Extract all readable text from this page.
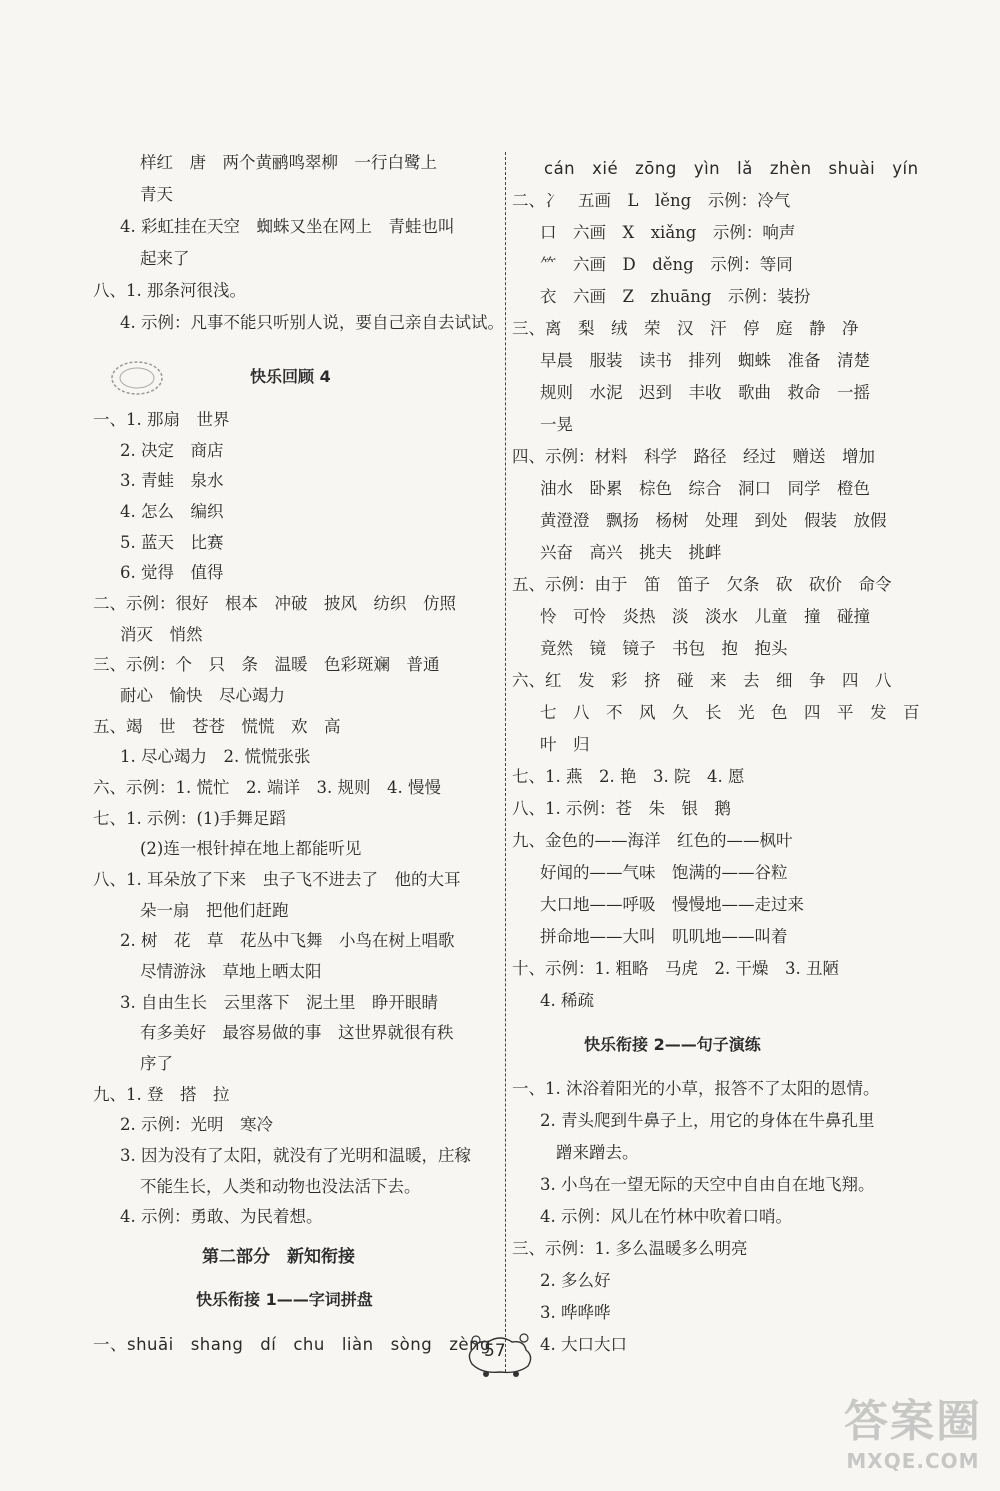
样红　唐　两个黄鹂鸣翠柳　一行白鹭上
青天
4. 彩虹挂在天空　蜘蛛又坐在网上　青蛙也叫
起来了
八、1. 那条河很浅。
4. 示例：凡事不能只听别人说，要自己亲自去试试。
快乐回顾 4
一、1. 那扇　世界
2. 决定　商店
3. 青蛙　泉水
4. 怎么　编织
5. 蓝天　比赛
6. 觉得　值得
二、示例：很好　根本　冲破　披风　纺织　仿照
消灭　悄然
三、示例：个　只　条　温暖　色彩斑斓　普通
耐心　愉快　尽心竭力
五、竭　世　苍苍　慌慌　欢　高
1. 尽心竭力　2. 慌慌张张
六、示例：1. 慌忙　2. 端详　3. 规则　4. 慢慢
七、1. 示例：(1)手舞足蹈
(2)连一根针掉在地上都能听见
八、1. 耳朵放了下来　虫子飞不进去了　他的大耳
朵一扇　把他们赶跑
2. 树　花　草　花丛中飞舞　小鸟在树上唱歌
尽情游泳　草地上晒太阳
3. 自由生长　云里落下　泥土里　睁开眼睛
有多美好　最容易做的事　这世界就很有秩
序了
九、1. 登　搭　拉
2. 示例：光明　寒冷
3. 因为没有了太阳，就没有了光明和温暖，庄稼
不能生长，人类和动物也没法活下去。
4. 示例：勇敢、为民着想。
第二部分　新知衔接
快乐衔接 1——字词拼盘
一、shuāi　shang　dí　chu　liàn　sòng　zèng
cán　xié　zōng　yìn　lǎ　zhèn　shuài　yín
二、冫　五画　L　lěng　示例：冷气
口　六画　X　xiǎng　示例：响声
⺮　六画　D　děng　示例：等同
衣　六画　Z　zhuāng　示例：装扮
三、离　梨　绒　荣　汉　汗　停　庭　静　净
早晨　服装　读书　排列　蜘蛛　准备　清楚
规则　水泥　迟到　丰收　歌曲　救命　一摇
一晃
四、示例：材料　科学　路径　经过　赠送　增加
油水　卧累　棕色　综合　洞口　同学　橙色
黄澄澄　飘扬　杨树　处理　到处　假装　放假
兴奋　高兴　挑夫　挑衅
五、示例：由于　笛　笛子　欠条　砍　砍价　命令
怜　可怜　炎热　淡　淡水　儿童　撞　碰撞
竟然　镜　镜子　书包　抱　抱头
六、红　发　彩　挤　碰　来　去　细　争　四　八
七　八　不　风　久　长　光　色　四　平　发　百
叶　归
七、1. 燕　2. 艳　3. 院　4. 愿
八、1. 示例：苍　朱　银　鹅
九、金色的——海洋　红色的——枫叶
好闻的——气味　饱满的——谷粒
大口地——呼吸　慢慢地——走过来
拼命地——大叫　叽叽地——叫着
十、示例：1. 粗略　马虎　2. 干燥　3. 丑陋
4. 稀疏
快乐衔接 2——句子演练
一、1. 沐浴着阳光的小草，报答不了太阳的恩情。
2. 青头爬到牛鼻子上，用它的身体在牛鼻孔里
蹭来蹭去。
3. 小鸟在一望无际的天空中自由自在地飞翔。
4. 示例：风儿在竹林中吹着口哨。
三、示例：1. 多么温暖多么明亮
2. 多么好
3. 哗哗哗
4. 大口大口
57
答案圈
MXQE.COM
